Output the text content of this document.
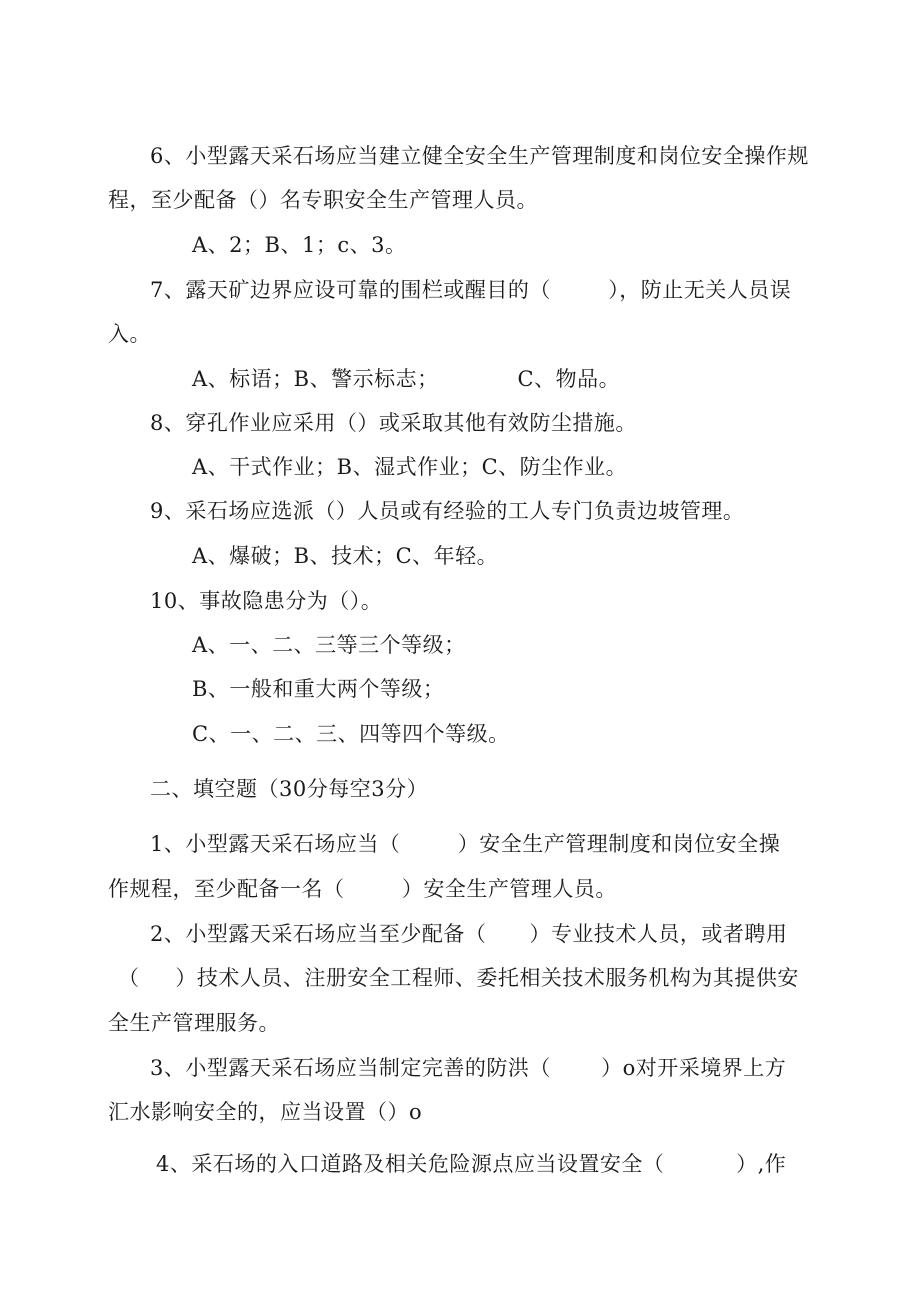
6、小型露天采石场应当建立健全安全生产管理制度和岗位安全操作规
程，至少配备（）名专职安全生产管理人员。
A、2；B、1；c、3。
7、露天矿边界应设可靠的围栏或醒目的（        ），防止无关人员误
入。
A、标语；B、警示标志；           C、物品。
8、穿孔作业应采用（）或采取其他有效防尘措施。
A、干式作业；B、湿式作业；C、防尘作业。
9、采石场应选派（）人员或有经验的工人专门负责边坡管理。
A、爆破；B、技术；C、年轻。
10、事故隐患分为（）。
A、一、二、三等三个等级；
B、一般和重大两个等级；
C、一、二、三、四等四个等级。
二、填空题（30分每空3分）
1、小型露天采石场应当（        ）安全生产管理制度和岗位安全操
作规程，至少配备一名（        ）安全生产管理人员。
2、小型露天采石场应当至少配备（      ）专业技术人员，或者聘用
（     ）技术人员、注册安全工程师、委托相关技术服务机构为其提供安
全生产管理服务。
3、小型露天采石场应当制定完善的防洪（       ）o对开采境界上方
汇水影响安全的，应当设置（）o
4、采石场的入口道路及相关危险源点应当设置安全（          ）,作
